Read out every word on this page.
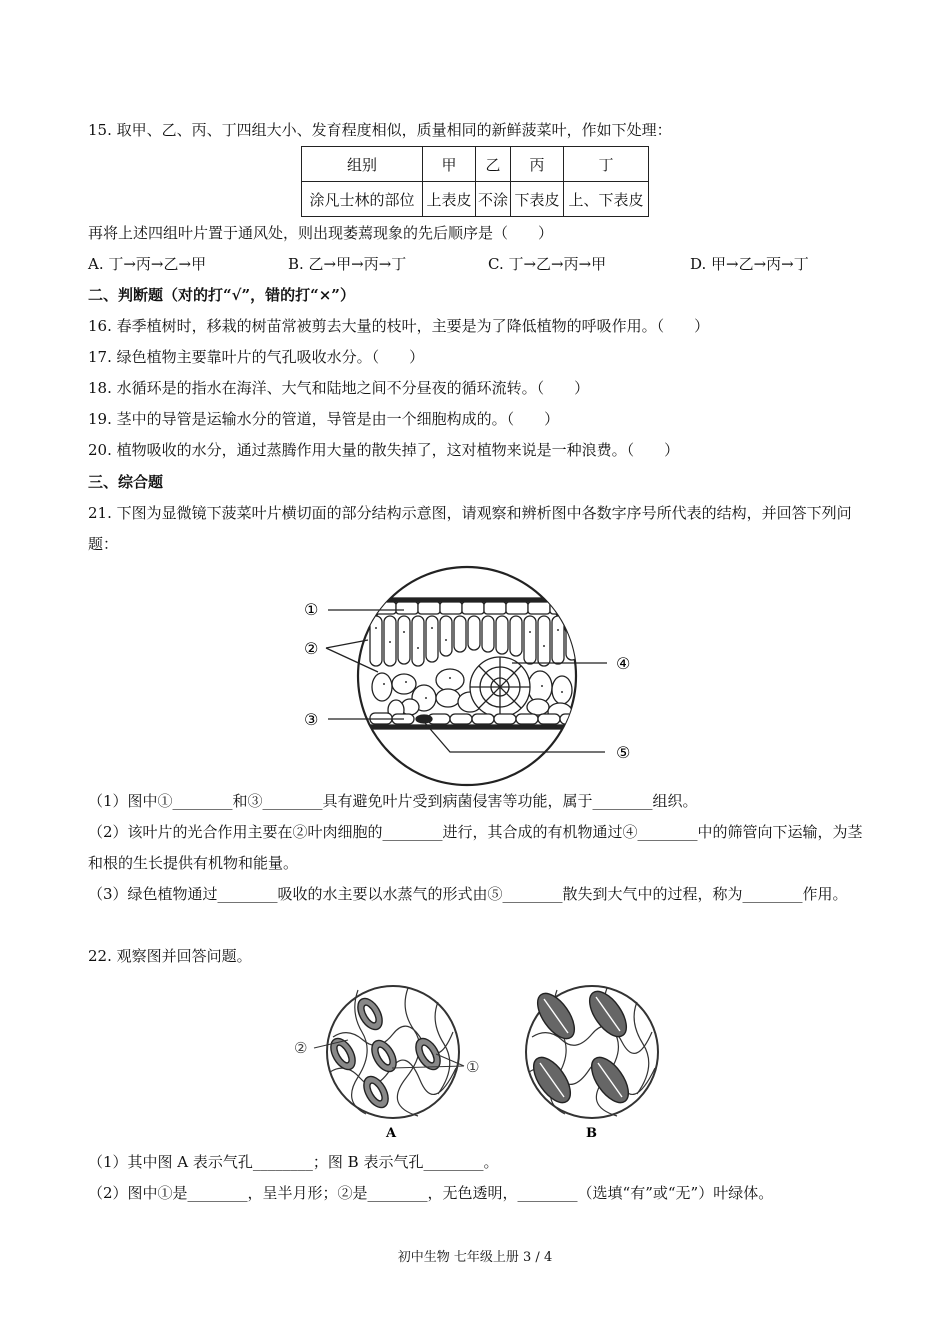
15. 取甲、乙、丙、丁四组大小、发育程度相似，质量相同的新鲜菠菜叶，作如下处理：
组别	甲	乙	丙	丁
涂凡士林的部位	上表皮	不涂	下表皮	上、下表皮
再将上述四组叶片置于通风处，则出现萎蔫现象的先后顺序是（　　）
A. 丁→丙→乙→甲	B. 乙→甲→丙→丁	C. 丁→乙→丙→甲	D. 甲→乙→丙→丁
二、判断题（对的打“√”，错的打“×”）
16. 春季植树时，移栽的树苗常被剪去大量的枝叶，主要是为了降低植物的呼吸作用。（　　）
17. 绿色植物主要靠叶片的气孔吸收水分。（　　）
18. 水循环是的指水在海洋、大气和陆地之间不分昼夜的循环流转。（　　）
19. 茎中的导管是运输水分的管道，导管是由一个细胞构成的。（　　）
20. 植物吸收的水分，通过蒸腾作用大量的散失掉了，这对植物来说是一种浪费。（　　）
三、综合题
21. 下图为显微镜下菠菜叶片横切面的部分结构示意图，请观察和辨析图中各数字序号所代表的结构，并回答下列问题：
①
②
③
④
⑤
（1）图中①________和③________具有避免叶片受到病菌侵害等功能，属于________组织。
（2）该叶片的光合作用主要在②叶肉细胞的________进行，其合成的有机物通过④________中的筛管向下运输，为茎和根的生长提供有机物和能量。
（3）绿色植物通过________吸收的水主要以水蒸气的形式由⑤________散失到大气中的过程，称为________作用。
22. 观察图并回答问题。
②
①
A	B
（1）其中图 A 表示气孔________；图 B 表示气孔________。
（2）图中①是________，呈半月形；②是________，无色透明，________（选填“有”或“无”）叶绿体。
初中生物 七年级上册 3 / 4
